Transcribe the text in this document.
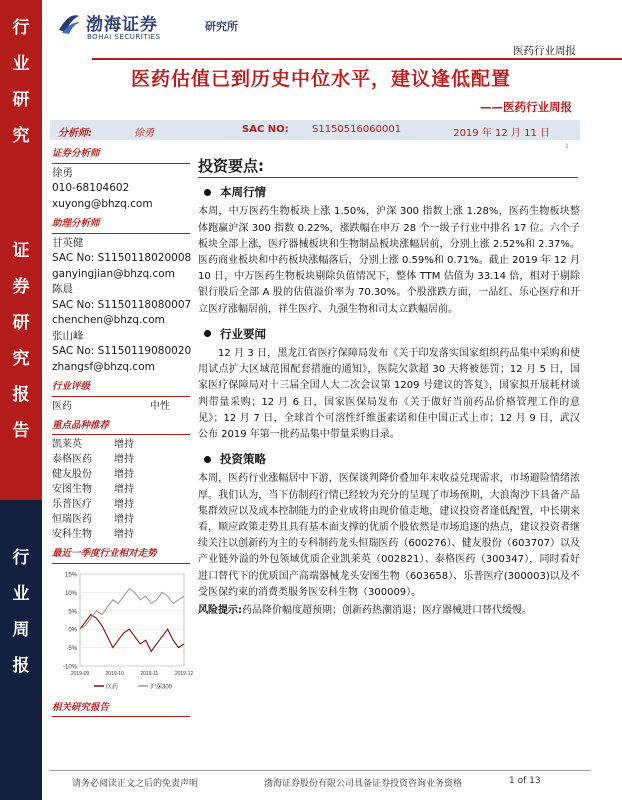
行
业
研
究
证
券
研
究
报
告
行
业
周
报
渤海证券
BOHAI SECURITIES
研究所
医药行业周报
医药估值已到历史中位水平，建议逢低配置
——医药行业周报
分析师:	徐勇	SAC NO: S1150516060001	2019 年 12 月 11 日
1
证券分析师
徐勇
010-68104602
xuyong@bhzq.com
助理分析师
甘英健
SAC No: S1150118020008
ganyingjian@bhzq.com
陈晨
SAC No: S1150118080007
chenchen@bhzq.com
张山峰
SAC No: S1150119080020
zhangsf@bhzq.com
行业评级
医药	中性
重点品种推荐
凯莱英	增持
泰格医药	增持
健友股份	增持
安图生物	增持
乐普医疗	增持
恒瑞医药	增持
安科生物	增持
最近一季度行业相对走势
15%
10%
5%
0%
-5%
-10%
2019-09	2019-10	2019-11	2019-12
医药	沪深300
相关研究报告
投资要点:
本周行情
本周，中万医药生物板块上涨 1.50%，沪深 300 指数上涨 1.28%，医药生物板块整体跑赢沪深 300 指数 0.22%，涨跌幅在申万 28 个一级子行业中排名 17 位。六个子板块全部上涨，医疗器械板块和生物制品板块涨幅居前，分别上涨 2.52%和 2.37%。医药商业板块和中药板块涨幅落后，分别上涨 0.59%和 0.71%。截止 2019 年 12 月 10 日，中万医药生物板块剔除负值情况下，整体 TTM 估值为 33.14 倍，相对于剔除银行股后全部 A 股的估值溢价率为 70.30%。个股涨跌方面，一品红、乐心医疗和开立医疗涨幅居前，祥生医疗、九强生物和司太立跌幅居前。
行业要闻
12 月 3 日，黑龙江省医疗保障局发布《关于印发落实国家组织药品集中采购和使用试点扩大区域范围配套措施的通知》，医院欠款超 30 天将被惩罚；12 月 5 日，国家医疗保障局对十三届全国人大二次会议第 1209 号建议的答复》，国家拟开展耗材谈判带量采购；12 月 6 日，国家医保局发布《关于做好当前药品价格管理工作的意见》；12 月 7 日，全球首个可溶性纤维蛋素诺和佳中国正式上市；12 月 9 日，武汉公布 2019 年第一批药品集中带量采购目录。
投资策略
本周，医药行业涨幅居中下游，医保谈判降价叠加年末收益兑现需求，市场避险情绪浓厚。我们认为，当下仿制药行情已经较为充分的呈现了市场预期，大浪淘沙下具备产品集群效应以及成本控制能力的企业成将由现价值走地，建议投资者逢低配置，中长期来看，顺应政策走势且具有基本面支撑的优质个股依然是市场追逐的热点，建议投资者继续关注以创新药为主的专科制药龙头恒瑞医药（600276）、健友股份（603707）以及产业链外溢的外包领域优质企业凯莱英（002821）、泰格医药（300347），同时看好进口替代下的优质国产高端器械龙头安图生物（603658）、乐普医疗(300003)以及不受医保约束的消费类服务医安科生物（300009）。
风险提示:药品降价幅度超预期；创新药热潮消退；医疗器械进口替代缓慢。
请务必阅读正文之后的免责声明	渤海证券股份有限公司具备证券投资咨询业务资格	1 of 13
